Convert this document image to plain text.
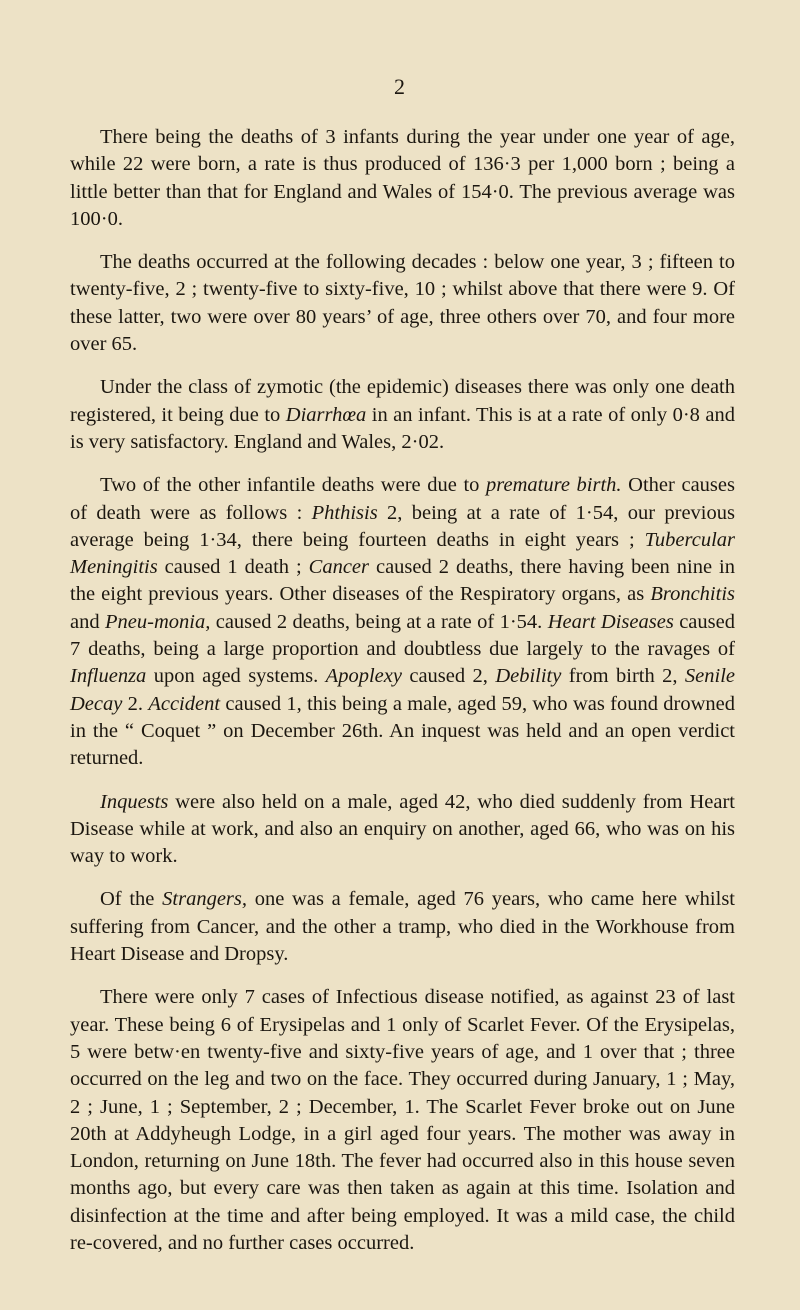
2

There being the deaths of 3 infants during the year under one year of age, while 22 were born, a rate is thus produced of 136·3 per 1,000 born ; being a little better than that for England and Wales of 154·0. The previous average was 100·0.

The deaths occurred at the following decades : below one year, 3 ; fifteen to twenty-five, 2 ; twenty-five to sixty-five, 10 ; whilst above that there were 9. Of these latter, two were over 80 years’ of age, three others over 70, and four more over 65.

Under the class of zymotic (the epidemic) diseases there was only one death registered, it being due to Diarrhœa in an infant. This is at a rate of only 0·8 and is very satisfactory. England and Wales, 2·02.

Two of the other infantile deaths were due to premature birth. Other causes of death were as follows : Phthisis 2, being at a rate of 1·54, our previous average being 1·34, there being fourteen deaths in eight years ; Tubercular Meningitis caused 1 death ; Cancer caused 2 deaths, there having been nine in the eight previous years. Other diseases of the Respiratory organs, as Bronchitis and Pneu-monia, caused 2 deaths, being at a rate of 1·54. Heart Diseases caused 7 deaths, being a large proportion and doubtless due largely to the ravages of Influenza upon aged systems. Apoplexy caused 2, Debility from birth 2, Senile Decay 2. Accident caused 1, this being a male, aged 59, who was found drowned in the “ Coquet ” on December 26th. An inquest was held and an open verdict returned.

Inquests were also held on a male, aged 42, who died suddenly from Heart Disease while at work, and also an enquiry on another, aged 66, who was on his way to work.

Of the Strangers, one was a female, aged 76 years, who came here whilst suffering from Cancer, and the other a tramp, who died in the Workhouse from Heart Disease and Dropsy.

There were only 7 cases of Infectious disease notified, as against 23 of last year. These being 6 of Erysipelas and 1 only of Scarlet Fever. Of the Erysipelas, 5 were betw·en twenty-five and sixty-five years of age, and 1 over that ; three occurred on the leg and two on the face. They occurred during January, 1 ; May, 2 ; June, 1 ; September, 2 ; December, 1. The Scarlet Fever broke out on June 20th at Addyheugh Lodge, in a girl aged four years. The mother was away in London, returning on June 18th. The fever had occurred also in this house seven months ago, but every care was then taken as again at this time. Isolation and disinfection at the time and after being employed. It was a mild case, the child re-covered, and no further cases occurred.
